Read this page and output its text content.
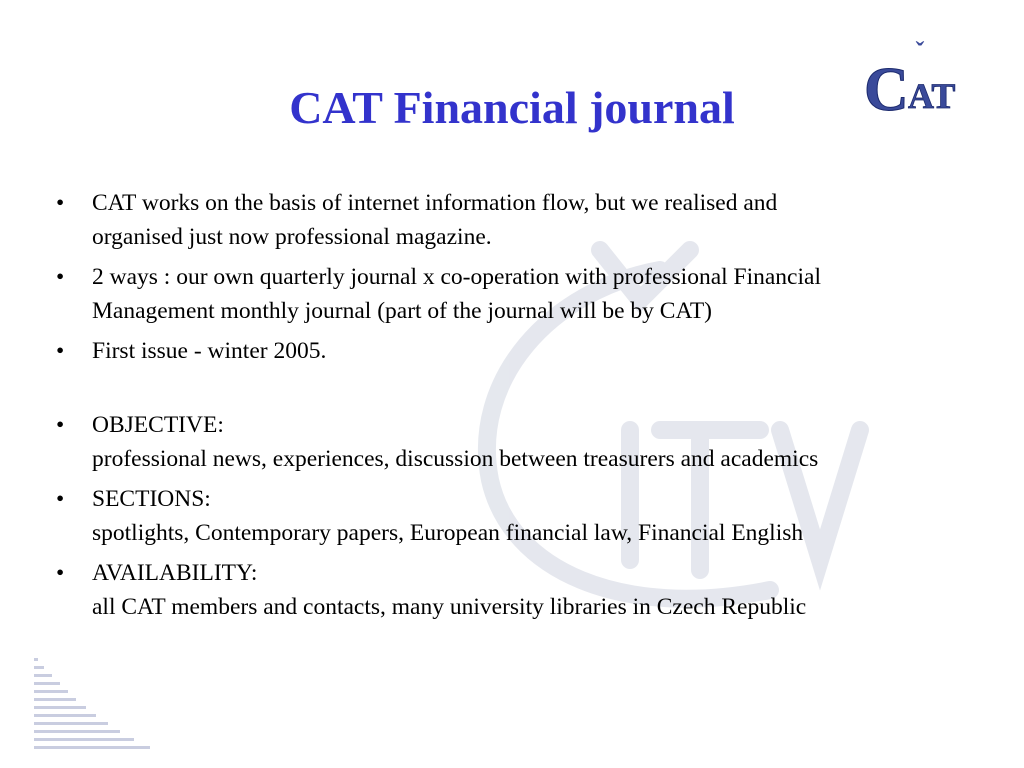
CAT Financial journal
ˇ
C AT
• CAT works on the basis of internet information flow, but we realised and
organised just now professional magazine.
• 2 ways : our own quarterly journal x co-operation with professional Financial
Management monthly journal (part of the journal will be by CAT)
• First issue - winter 2005.
• OBJECTIVE:
professional news, experiences, discussion between treasurers and academics
• SECTIONS:
spotlights, Contemporary papers, European financial law, Financial English
• AVAILABILITY:
all CAT members and contacts, many university libraries in Czech Republic
